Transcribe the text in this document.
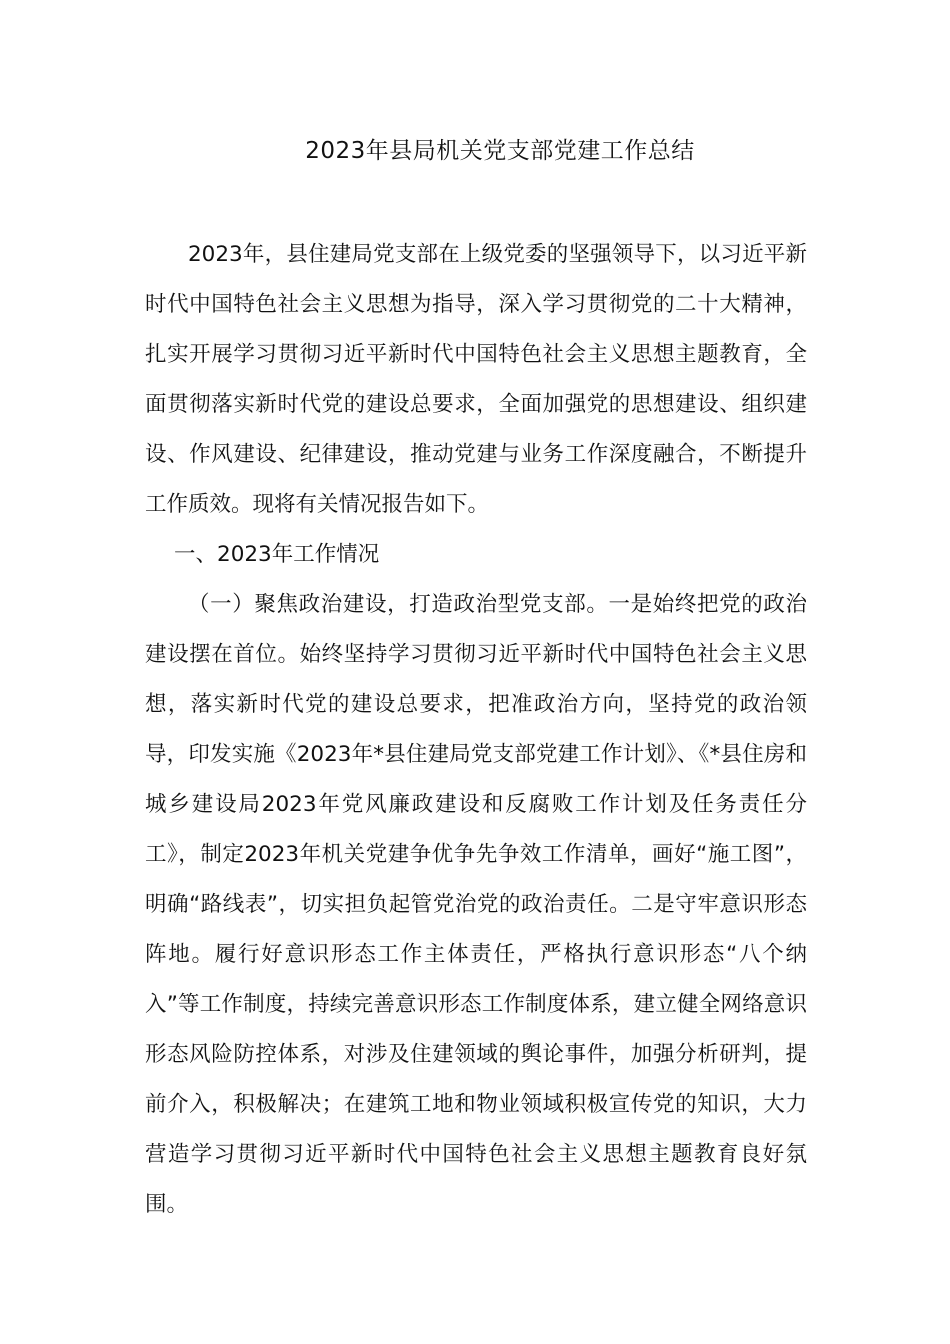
2023年县局机关党支部党建工作总结

2023年，县住建局党支部在上级党委的坚强领导下，以习近平新时代中国特色社会主义思想为指导，深入学习贯彻党的二十大精神，扎实开展学习贯彻习近平新时代中国特色社会主义思想主题教育，全面贯彻落实新时代党的建设总要求，全面加强党的思想建设、组织建设、作风建设、纪律建设，推动党建与业务工作深度融合，不断提升工作质效。现将有关情况报告如下。

一、2023年工作情况

（一）聚焦政治建设，打造政治型党支部。一是始终把党的政治建设摆在首位。始终坚持学习贯彻习近平新时代中国特色社会主义思想，落实新时代党的建设总要求，把准政治方向，坚持党的政治领导，印发实施《2023年*县住建局党支部党建工作计划》、《*县住房和城乡建设局2023年党风廉政建设和反腐败工作计划及任务责任分工》，制定2023年机关党建争优争先争效工作清单，画好“施工图”，明确“路线表”，切实担负起管党治党的政治责任。二是守牢意识形态阵地。履行好意识形态工作主体责任，严格执行意识形态“八个纳入”等工作制度，持续完善意识形态工作制度体系，建立健全网络意识形态风险防控体系，对涉及住建领域的舆论事件，加强分析研判，提前介入，积极解决；在建筑工地和物业领域积极宣传党的知识，大力营造学习贯彻习近平新时代中国特色社会主义思想主题教育良好氛围。
